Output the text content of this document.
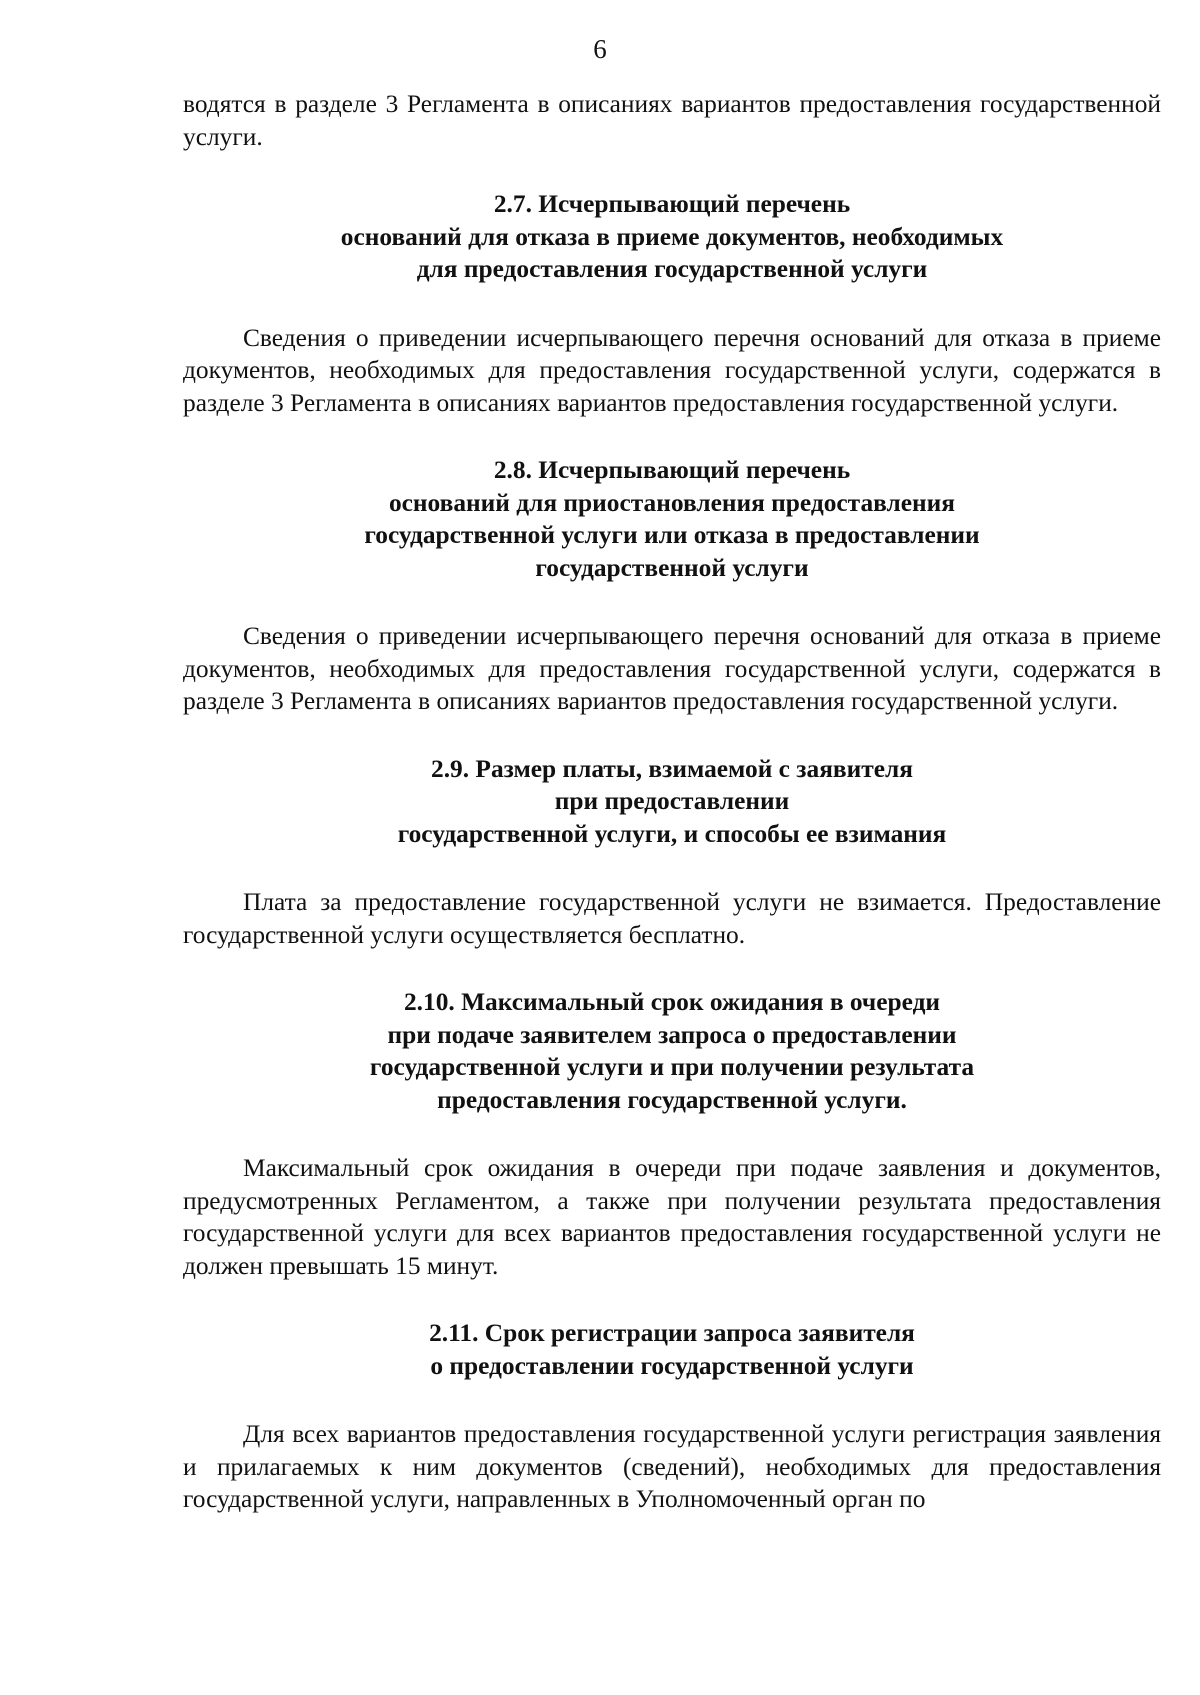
6

водятся в разделе 3 Регламента в описаниях вариантов предоставления государственной услуги.

2.7. Исчерпывающий перечень
оснований для отказа в приеме документов, необходимых
для предоставления государственной услуги

Сведения о приведении исчерпывающего перечня оснований для отказа в приеме документов, необходимых для предоставления государственной услуги, содержатся в разделе 3 Регламента в описаниях вариантов предоставления государственной услуги.

2.8. Исчерпывающий перечень
оснований для приостановления предоставления
государственной услуги или отказа в предоставлении
государственной услуги

Сведения о приведении исчерпывающего перечня оснований для отказа в приеме документов, необходимых для предоставления государственной услуги, содержатся в разделе 3 Регламента в описаниях вариантов предоставления государственной услуги.

2.9. Размер платы, взимаемой с заявителя
при предоставлении
государственной услуги, и способы ее взимания

Плата за предоставление государственной услуги не взимается. Предоставление государственной услуги осуществляется бесплатно.

2.10. Максимальный срок ожидания в очереди
при подаче заявителем запроса о предоставлении
государственной услуги и при получении результата
предоставления государственной услуги.

Максимальный срок ожидания в очереди при подаче заявления и документов, предусмотренных Регламентом, а также при получении результата предоставления государственной услуги для всех вариантов предоставления государственной услуги не должен превышать 15 минут.

2.11. Срок регистрации запроса заявителя
о предоставлении государственной услуги

Для всех вариантов предоставления государственной услуги регистрация заявления и прилагаемых к ним документов (сведений), необходимых для предоставления государственной услуги, направленных в Уполномоченный орган по
